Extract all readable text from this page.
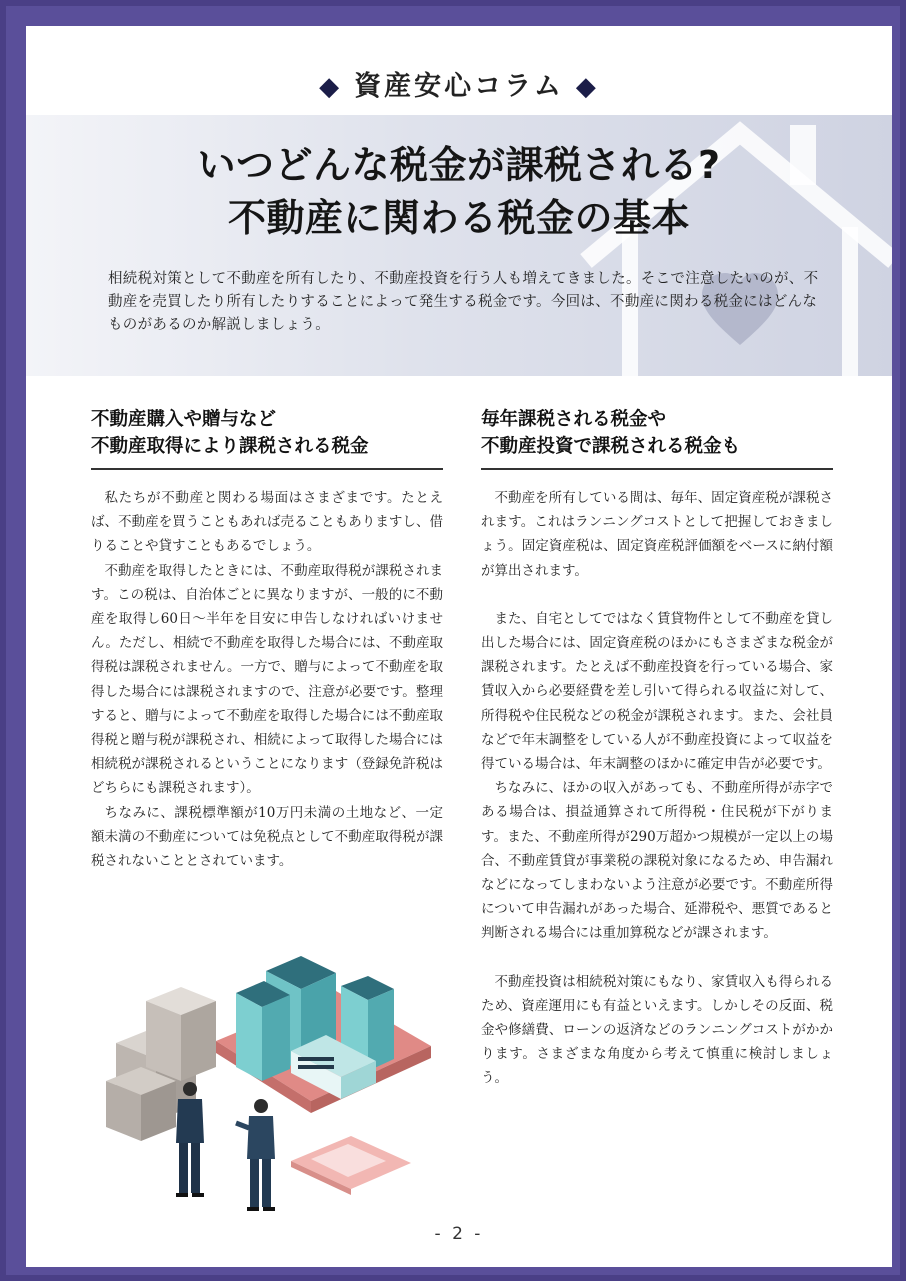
◆ 資産安心コラム ◆
いつどんな税金が課税される?
不動産に関わる税金の基本

相続税対策として不動産を所有したり、不動産投資を行う人も増えてきました。そこで注意したいのが、不動産を売買したり所有したりすることによって発生する税金です。今回は、不動産に関わる税金にはどんなものがあるのか解説しましょう。

不動産購入や贈与など
不動産取得により課税される税金

私たちが不動産と関わる場面はさまざまです。たとえば、不動産を買うこともあれば売ることもありますし、借りることや貸すこともあるでしょう。

不動産を取得したときには、不動産取得税が課税されます。この税は、自治体ごとに異なりますが、一般的に不動産を取得し60日～半年を目安に申告しなければいけません。ただし、相続で不動産を取得した場合には、不動産取得税は課税されません。一方で、贈与によって不動産を取得した場合には課税されますので、注意が必要です。整理すると、贈与によって不動産を取得した場合には不動産取得税と贈与税が課税され、相続によって取得した場合には相続税が課税されるということになります（登録免許税はどちらにも課税されます）。

ちなみに、課税標準額が10万円未満の土地など、一定額未満の不動産については免税点として不動産取得税が課税されないこととされています。

毎年課税される税金や
不動産投資で課税される税金も

不動産を所有している間は、毎年、固定資産税が課税されます。これはランニングコストとして把握しておきましょう。固定資産税は、固定資産税評価額をベースに納付額が算出されます。

また、自宅としてではなく賃貸物件として不動産を貸し出した場合には、固定資産税のほかにもさまざまな税金が課税されます。たとえば不動産投資を行っている場合、家賃収入から必要経費を差し引いて得られる収益に対して、所得税や住民税などの税金が課税されます。また、会社員などで年末調整をしている人が不動産投資によって収益を得ている場合は、年末調整のほかに確定申告が必要です。

ちなみに、ほかの収入があっても、不動産所得が赤字である場合は、損益通算されて所得税・住民税が下がります。また、不動産所得が290万超かつ規模が一定以上の場合、不動産賃貸が事業税の課税対象になるため、申告漏れなどになってしまわないよう注意が必要です。不動産所得について申告漏れがあった場合、延滞税や、悪質であると判断される場合には重加算税などが課されます。

不動産投資は相続税対策にもなり、家賃収入も得られるため、資産運用にも有益といえます。しかしその反面、税金や修繕費、ローンの返済などのランニングコストがかかります。さまざまな角度から考えて慎重に検討しましょう。

- 2 -
